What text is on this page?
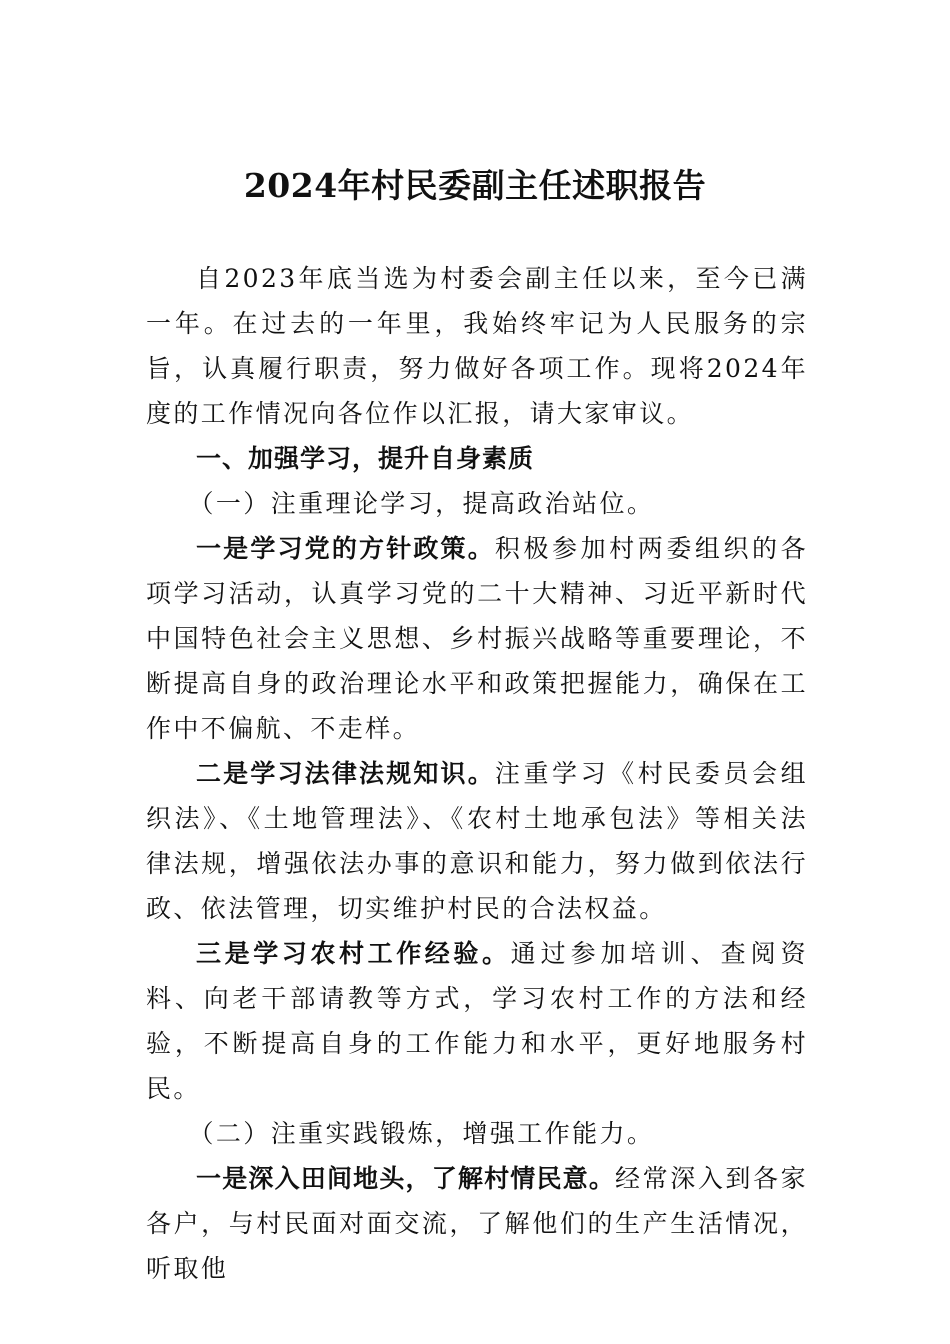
2024年村民委副主任述职报告

自2023年底当选为村委会副主任以来，至今已满一年。在过去的一年里，我始终牢记为人民服务的宗旨，认真履行职责，努力做好各项工作。现将2024年度的工作情况向各位作以汇报，请大家审议。

一、加强学习，提升自身素质

（一）注重理论学习，提高政治站位。

一是学习党的方针政策。积极参加村两委组织的各项学习活动，认真学习党的二十大精神、习近平新时代中国特色社会主义思想、乡村振兴战略等重要理论，不断提高自身的政治理论水平和政策把握能力，确保在工作中不偏航、不走样。

二是学习法律法规知识。注重学习《村民委员会组织法》、《土地管理法》、《农村土地承包法》等相关法律法规，增强依法办事的意识和能力，努力做到依法行政、依法管理，切实维护村民的合法权益。

三是学习农村工作经验。通过参加培训、查阅资料、向老干部请教等方式，学习农村工作的方法和经验，不断提高自身的工作能力和水平，更好地服务村民。

（二）注重实践锻炼，增强工作能力。

一是深入田间地头，了解村情民意。经常深入到各家各户，与村民面对面交流，了解他们的生产生活情况，听取他
